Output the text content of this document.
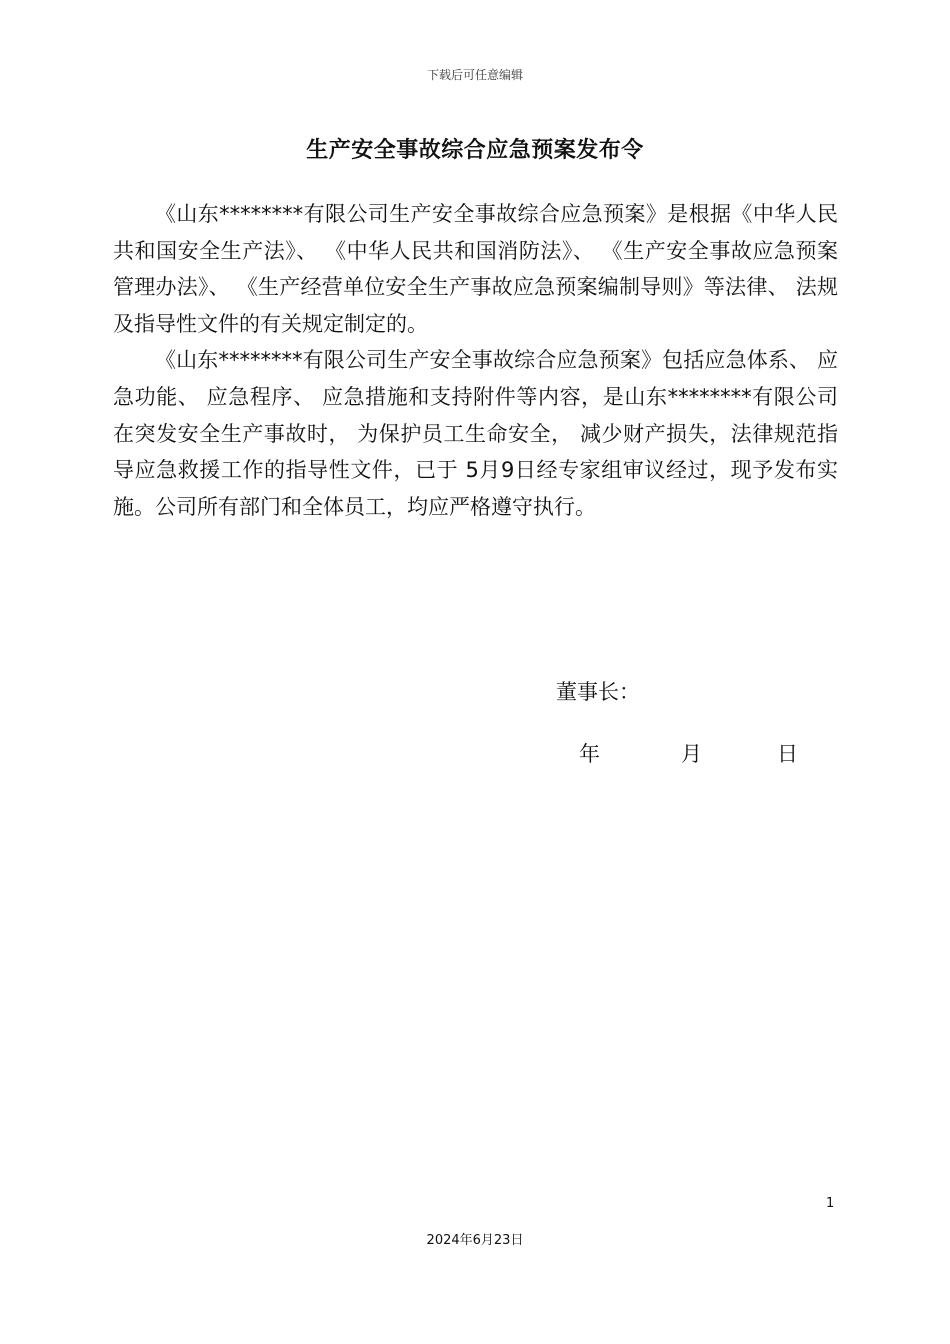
下载后可任意编辑
生产安全事故综合应急预案发布令

《山东********有限公司生产安全事故综合应急预案》是根据《中华人民共和国安全生产法》、 《中华人民共和国消防法》、 《生产安全事故应急预案管理办法》、 《生产经营单位安全生产事故应急预案编制导则》等法律、 法规及指导性文件的有关规定制定的。

《山东********有限公司生产安全事故综合应急预案》包括应急体系、 应急功能、 应急程序、 应急措施和支持附件等内容，是山东********有限公司在突发安全生产事故时， 为保护员工生命安全， 减少财产损失，法律规范指导应急救援工作的指导性文件，已于 5月9日经专家组审议经过，现予发布实施。公司所有部门和全体员工，均应严格遵守执行。

董事长：
年	月	日
1
2024年6月23日
